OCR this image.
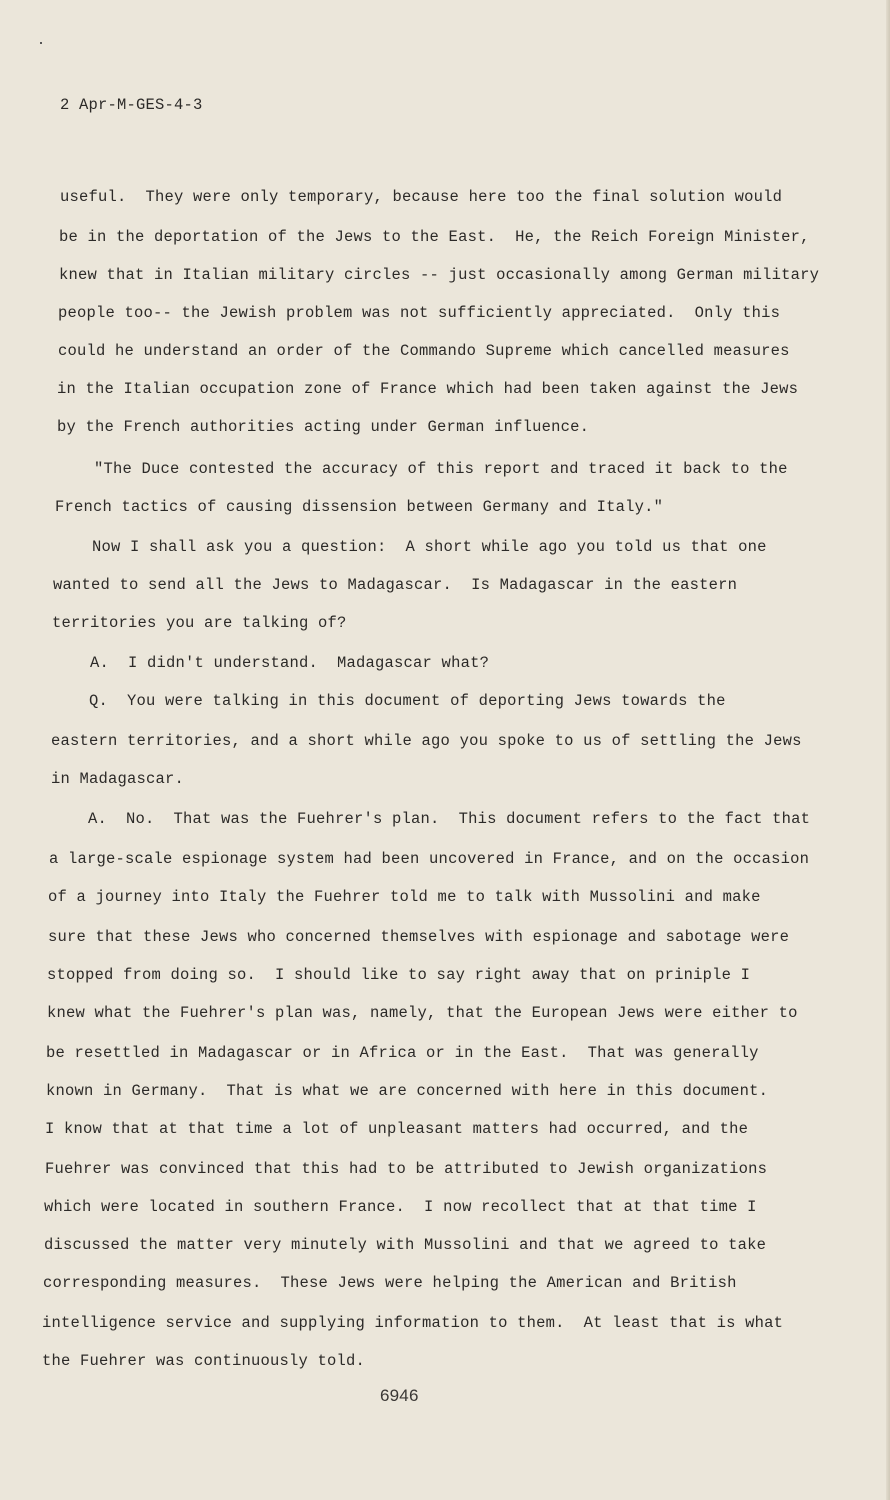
2 Apr-M-GES-4-3
useful.  They were only temporary, because here too the final solution would
be in the deportation of the Jews to the East.  He, the Reich Foreign Minister,
knew that in Italian military circles -- just occasionally among German military
people too-- the Jewish problem was not sufficiently appreciated.  Only this
could he understand an order of the Commando Supreme which cancelled measures
in the Italian occupation zone of France which had been taken against the Jews
by the French authorities acting under German influence.
"The Duce contested the accuracy of this report and traced it back to the
French tactics of causing dissension between Germany and Italy."
Now I shall ask you a question:  A short while ago you told us that one
wanted to send all the Jews to Madagascar.  Is Madagascar in the eastern
territories you are talking of?
A.  I didn't understand.  Madagascar what?
Q.  You were talking in this document of deporting Jews towards the
eastern territories, and a short while ago you spoke to us of settling the Jews
in Madagascar.
A.  No.  That was the Fuehrer's plan.  This document refers to the fact that
a large-scale espionage system had been uncovered in France, and on the occasion
of a journey into Italy the Fuehrer told me to talk with Mussolini and make
sure that these Jews who concerned themselves with espionage and sabotage were
stopped from doing so.  I should like to say right away that on priniple I
knew what the Fuehrer's plan was, namely, that the European Jews were either to
be resettled in Madagascar or in Africa or in the East.  That was generally
known in Germany.  That is what we are concerned with here in this document.
I know that at that time a lot of unpleasant matters had occurred, and the
Fuehrer was convinced that this had to be attributed to Jewish organizations
which were located in southern France.  I now recollect that at that time I
discussed the matter very minutely with Mussolini and that we agreed to take
corresponding measures.  These Jews were helping the American and British
intelligence service and supplying information to them.  At least that is what
the Fuehrer was continuously told.
6946
